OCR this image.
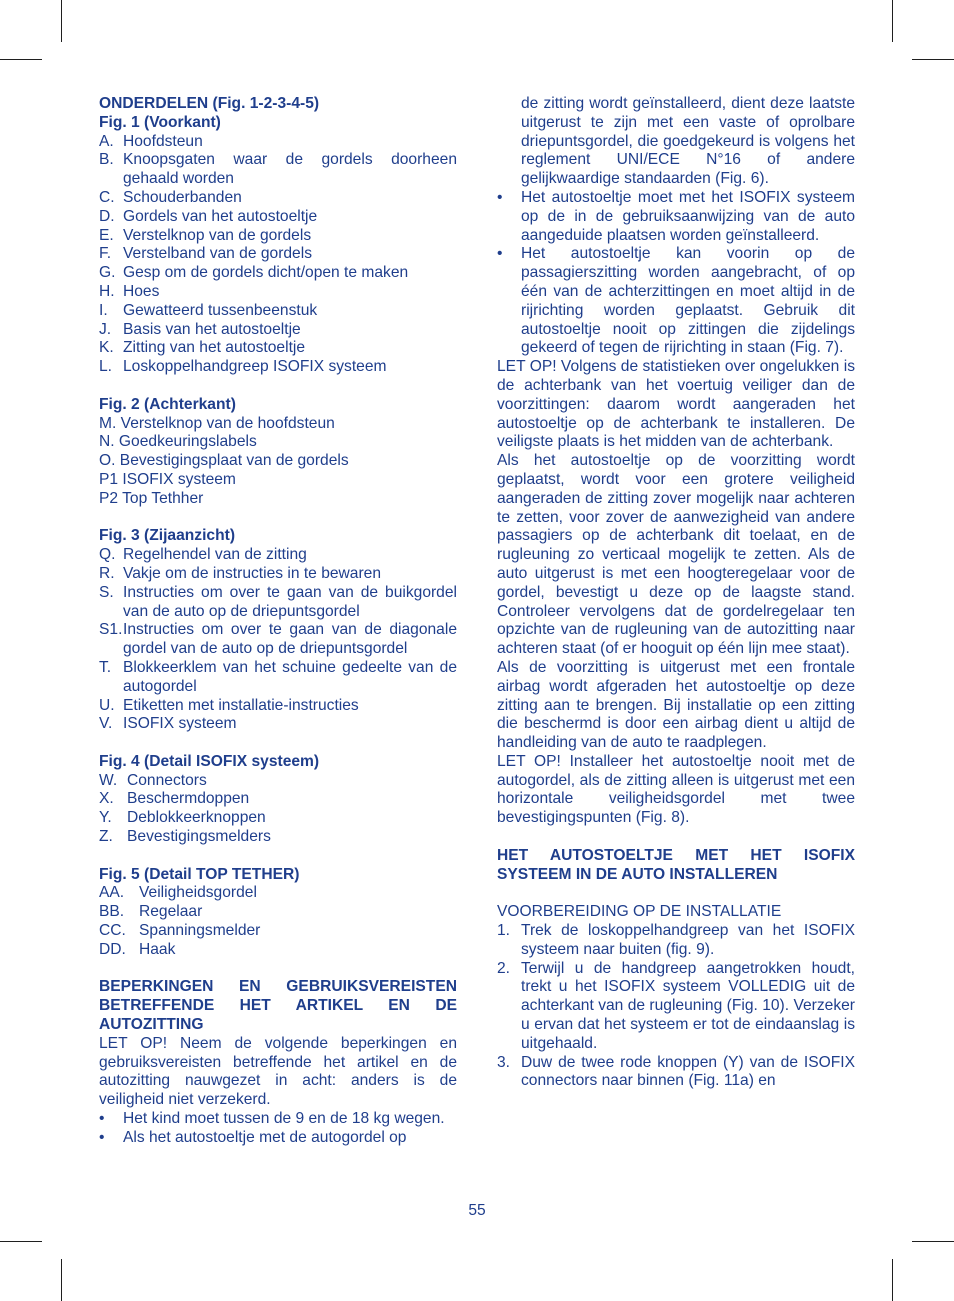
ONDERDELEN (Fig. 1-2-3-4-5)
Fig. 1 (Voorkant)
A. Hoofdsteun
B. Knoopsgaten waar de gordels doorheen gehaald worden
C. Schouderbanden
D. Gordels van het autostoeltje
E. Verstelknop van de gordels
F. Verstelband van de gordels
G. Gesp om de gordels dicht/open te maken
H. Hoes
I. Gewatteerd tussenbeenstuk
J. Basis van het autostoeltje
K. Zitting van het autostoeltje
L. Loskoppelhandgreep ISOFIX systeem
Fig. 2 (Achterkant)
M. Verstelknop van de hoofdsteun
N. Goedkeuringslabels
O. Bevestigingsplaat van de gordels
P1 ISOFIX systeem
P2 Top Tethher
Fig. 3 (Zijaanzicht)
Q. Regelhendel van de zitting
R. Vakje om de instructies in te bewaren
S. Instructies om over te gaan van de buikgordel van de auto op de driepuntsgordel
S1. Instructies om over te gaan van de diagonale gordel van de auto op de driepuntsgordel
T. Blokkeerklem van het schuine gedeelte van de autogordel
U. Etiketten met installatie-instructies
V. ISOFIX systeem
Fig. 4 (Detail ISOFIX systeem)
W. Connectors
X. Beschermdoppen
Y. Deblokkeerknoppen
Z. Bevestigingsmelders
Fig. 5 (Detail TOP TETHER)
AA. Veiligheidsgordel
BB. Regelaar
CC. Spanningsmelder
DD. Haak
BEPERKINGEN EN GEBRUIKSVEREISTEN BETREFFENDE HET ARTIKEL EN DE AUTOZITTING

LET OP! Neem de volgende beperkingen en gebruiksvereisten betreffende het artikel en de autozitting nauwgezet in acht: anders is de veiligheid niet verzekerd.

•	Het kind moet tussen de 9 en de 18 kg wegen.
•	Als het autostoeltje met de autogordel op
de zitting wordt geïnstalleerd, dient deze laatste uitgerust te zijn met een vaste of oprolbare driepuntsgordel, die goedgekeurd is volgens het reglement UNI/ECE N°16 of andere gelijkwaardige standaarden (Fig. 6).
•	Het autostoeltje moet met het ISOFIX systeem op de in de gebruiksaanwijzing van de auto aangeduide plaatsen worden geïnstalleerd.
•	Het autostoeltje kan voorin op de passagierszitting worden aangebracht, of op één van de achterzittingen en moet altijd in de rijrichting worden geplaatst. Gebruik dit autostoeltje nooit op zittingen die zijdelings gekeerd of tegen de rijrichting in staan (Fig. 7).

LET OP! Volgens de statistieken over ongelukken is de achterbank van het voertuig veiliger dan de voorzittingen: daarom wordt aangeraden het autostoeltje op de achterbank te installeren. De veiligste plaats is het midden van de achterbank.

Als het autostoeltje op de voorzitting wordt geplaatst, wordt voor een grotere veiligheid aangeraden de zitting zover mogelijk naar achteren te zetten, voor zover de aanwezigheid van andere passagiers op de achterbank dit toelaat, en de rugleuning zo verticaal mogelijk te zetten. Als de auto uitgerust is met een hoogteregelaar voor de gordel, bevestigt u deze op de laagste stand. Controleer vervolgens dat de gordelregelaar ten opzichte van de rugleuning van de autozitting naar achteren staat (of er hooguit op één lijn mee staat).

Als de voorzitting is uitgerust met een frontale airbag wordt afgeraden het autostoeltje op deze zitting aan te brengen. Bij installatie op een zitting die beschermd is door een airbag dient u altijd de handleiding van de auto te raadplegen.

LET OP! Installeer het autostoeltje nooit met de autogordel, als de zitting alleen is uitgerust met een horizontale veiligheidsgordel met twee bevestigingspunten (Fig. 8).

HET AUTOSTOELTJE MET HET ISOFIX SYSTEEM IN DE AUTO INSTALLEREN
VOORBEREIDING OP DE INSTALLATIE
1. Trek de loskoppelhandgreep van het ISOFIX systeem naar buiten (fig. 9).
2. Terwijl u de handgreep aangetrokken houdt, trekt u het ISOFIX systeem VOLLEDIG uit de achterkant van de rugleuning (Fig. 10). Verzeker u ervan dat het systeem er tot de eindaanslag is uitgehaald.
3. Duw de twee rode knoppen (Y) van de ISOFIX connectors naar binnen (Fig. 11a) en
55
